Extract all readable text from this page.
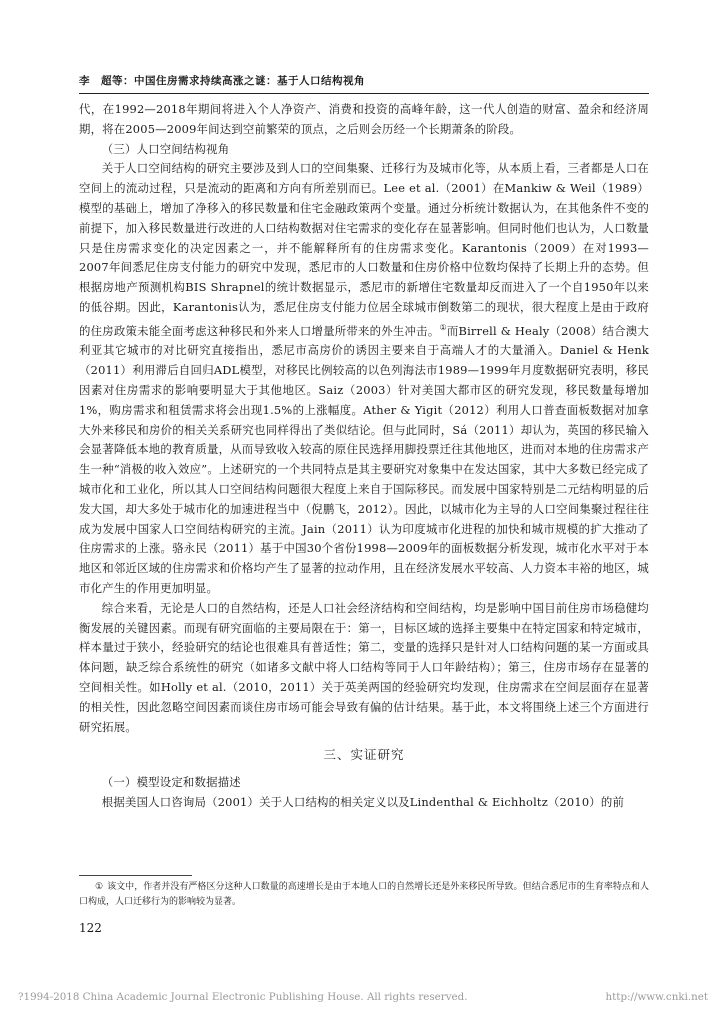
李　超等：中国住房需求持续高涨之谜：基于人口结构视角

代，在1992—2018年期间将进入个人净资产、消费和投资的高峰年龄，这一代人创造的财富、盈余和经济周期，将在2005—2009年间达到空前繁荣的顶点，之后则会历经一个长期萧条的阶段。

（三）人口空间结构视角

关于人口空间结构的研究主要涉及到人口的空间集聚、迁移行为及城市化等，从本质上看，三者都是人口在空间上的流动过程，只是流动的距离和方向有所差别而已。Lee et al.（2001）在Mankiw & Weil（1989）模型的基础上，增加了净移入的移民数量和住宅金融政策两个变量。通过分析统计数据认为，在其他条件不变的前提下，加入移民数量进行改进的人口结构数据对住宅需求的变化存在显著影响。但同时他们也认为，人口数量只是住房需求变化的决定因素之一，并不能解释所有的住房需求变化。Karantonis（2009）在对1993—2007年间悉尼住房支付能力的研究中发现，悉尼市的人口数量和住房价格中位数均保持了长期上升的态势。但根据房地产预测机构BIS Shrapnel的统计数据显示，悉尼市的新增住宅数量却反而进入了一个自1950年以来的低谷期。因此，Karantonis认为，悉尼住房支付能力位居全球城市倒数第二的现状，很大程度上是由于政府的住房政策未能全面考虑这种移民和外来人口增量所带来的外生冲击。①而Birrell & Healy（2008）结合澳大利亚其它城市的对比研究直接指出，悉尼市高房价的诱因主要来自于高端人才的大量涌入。Daniel & Henk（2011）利用滞后自回归ADL模型，对移民比例较高的以色列海法市1989—1999年月度数据研究表明，移民因素对住房需求的影响要明显大于其他地区。Saiz（2003）针对美国大都市区的研究发现，移民数量每增加1%，购房需求和租赁需求将会出现1.5%的上涨幅度。Ather & Yigit（2012）利用人口普查面板数据对加拿大外来移民和房价的相关关系研究也同样得出了类似结论。但与此同时，Sá（2011）却认为，英国的移民输入会显著降低本地的教育质量，从而导致收入较高的原住民选择用脚投票迁往其他地区，进而对本地的住房需求产生一种“消极的收入效应”。上述研究的一个共同特点是其主要研究对象集中在发达国家，其中大多数已经完成了城市化和工业化，所以其人口空间结构问题很大程度上来自于国际移民。而发展中国家特别是二元结构明显的后发大国，却大多处于城市化的加速进程当中（倪鹏飞，2012）。因此，以城市化为主导的人口空间集聚过程往往成为发展中国家人口空间结构研究的主流。Jain（2011）认为印度城市化进程的加快和城市规模的扩大推动了住房需求的上涨。骆永民（2011）基于中国30个省份1998—2009年的面板数据分析发现，城市化水平对于本地区和邻近区域的住房需求和价格均产生了显著的拉动作用，且在经济发展水平较高、人力资本丰裕的地区，城市化产生的作用更加明显。

综合来看，无论是人口的自然结构，还是人口社会经济结构和空间结构，均是影响中国目前住房市场稳健均衡发展的关键因素。而现有研究面临的主要局限在于：第一，目标区域的选择主要集中在特定国家和特定城市，样本量过于狭小，经验研究的结论也很难具有普适性；第二，变量的选择只是针对人口结构问题的某一方面或具体问题，缺乏综合系统性的研究（如诸多文献中将人口结构等同于人口年龄结构）；第三，住房市场存在显著的空间相关性。如Holly et al.（2010，2011）关于英美两国的经验研究均发现，住房需求在空间层面存在显著的相关性，因此忽略空间因素而谈住房市场可能会导致有偏的估计结果。基于此，本文将围绕上述三个方面进行研究拓展。

三、实证研究

（一）模型设定和数据描述

根据美国人口咨询局（2001）关于人口结构的相关定义以及Lindenthal & Eichholtz（2010）的前

① 该文中，作者并没有严格区分这种人口数量的高速增长是由于本地人口的自然增长还是外来移民所导致。但结合悉尼市的生育率特点和人口构成，人口迁移行为的影响较为显著。
122
?1994-2018 China Academic Journal Electronic Publishing House. All rights reserved.	http://www.cnki.net
